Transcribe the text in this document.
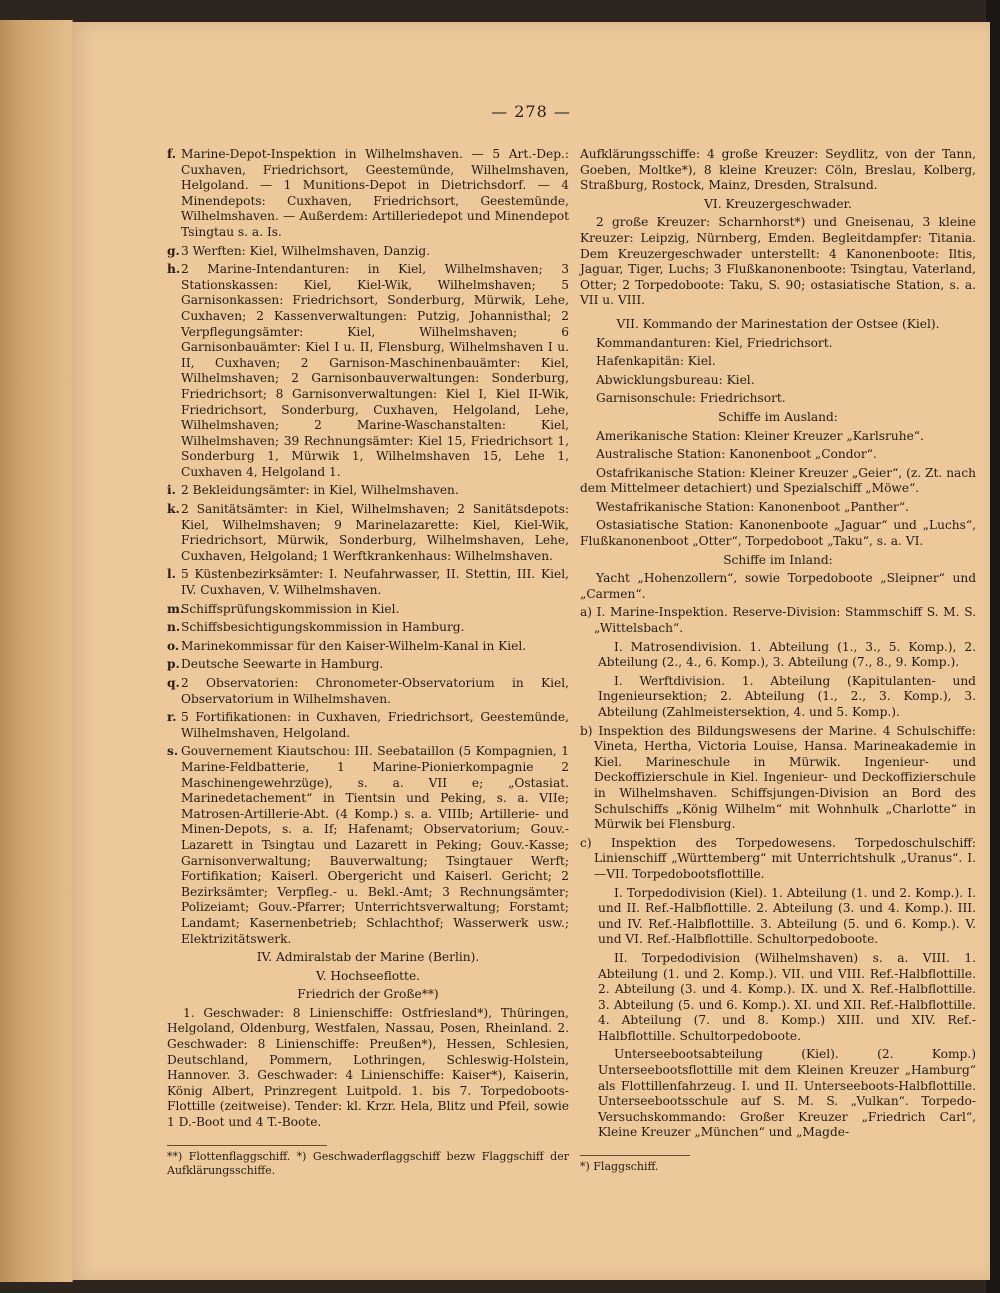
— 278 —
f. Marine-Depot-Inspektion in Wilhelmshaven. — 5 Art.-Dep.: Cuxhaven, Friedrichsort, Geestemünde, Wilhelmshaven, Helgoland. — 1 Munitions-Depot in Dietrichsdorf. — 4 Minendepots: Cuxhaven, Friedrichsort, Geestemünde, Wilhelmshaven. — Außerdem: Artilleriedepot und Minendepot Tsingtau s. a. Is.
g. 3 Werften: Kiel, Wilhelmshaven, Danzig.
h. 2 Marine-Intendanturen: in Kiel, Wilhelmshaven; 3 Stationskassen: Kiel, Kiel-Wik, Wilhelmshaven; 5 Garnisonkassen: Friedrichsort, Sonderburg, Mürwik, Lehe, Cuxhaven; 2 Kassenverwaltungen: Putzig, Johannisthal; 2 Verpflegungsämter: Kiel, Wilhelmshaven; 6 Garnisonbauämter: Kiel I u. II, Flensburg, Wilhelmshaven I u. II, Cuxhaven; 2 Garnison-Maschinenbauämter: Kiel, Wilhelmshaven; 2 Garnisonbauverwaltungen: Sonderburg, Friedrichsort; 8 Garnisonverwaltungen: Kiel I, Kiel II-Wik, Friedrichsort, Sonderburg, Cuxhaven, Helgoland, Lehe, Wilhelmshaven; 2 Marine-Waschanstalten: Kiel, Wilhelmshaven; 39 Rechnungsämter: Kiel 15, Friedrichsort 1, Sonderburg 1, Mürwik 1, Wilhelmshaven 15, Lehe 1, Cuxhaven 4, Helgoland 1.
i. 2 Bekleidungsämter: in Kiel, Wilhelmshaven.
k. 2 Sanitätsämter: in Kiel, Wilhelmshaven; 2 Sanitätsdepots: Kiel, Wilhelmshaven; 9 Marinelazarette: Kiel, Kiel-Wik, Friedrichsort, Mürwik, Sonderburg, Wilhelmshaven, Lehe, Cuxhaven, Helgoland; 1 Werftkrankenhaus: Wilhelmshaven.
l. 5 Küstenbezirksämter: I. Neufahrwasser, II. Stettin, III. Kiel, IV. Cuxhaven, V. Wilhelmshaven.
m.
Schiffsprüfungskommission in Kiel.
n. Schiffsbesichtigungskommission in Hamburg.
o. Marinekommissar für den Kaiser-Wilhelm-Kanal in Kiel.
p. Deutsche Seewarte in Hamburg.
q. 2 Observatorien: Chronometer-Observatorium in Kiel, Observatorium in Wilhelmshaven.
r. 5 Fortifikationen: in Cuxhaven, Friedrichsort, Geestemünde, Wilhelmshaven, Helgoland.
s. Gouvernement Kiautschou: III. Seebataillon (5 Kompagnien, 1 Marine-Feldbatterie, 1 Marine-Pionierkompagnie 2 Maschinengewehrzüge), s. a. VII e; „Ostasiat. Marinedetachement“ in Tientsin und Peking, s. a. VIIe; Matrosen-Artillerie-Abt. (4 Komp.) s. a. VIIIb; Artillerie- und Minen-Depots, s. a. If; Hafenamt; Observatorium; Gouv.-Lazarett in Tsingtau und Lazarett in Peking; Gouv.-Kasse; Garnisonverwaltung; Bauverwaltung; Tsingtauer Werft; Fortifikation; Kaiserl. Obergericht und Kaiserl. Gericht; 2 Bezirksämter; Verpfleg.- u. Bekl.-Amt; 3 Rechnungsämter; Polizeiamt; Gouv.-Pfarrer; Unterrichtsverwaltung; Forstamt; Landamt; Kasernenbetrieb; Schlachthof; Wasserwerk usw.; Elektrizitätswerk.

IV. Admiralstab der Marine (Berlin).

V. Hochseeflotte.

Friedrich der Große**)

1. Geschwader: 8 Linienschiffe: Ostfriesland*), Thüringen, Helgoland, Oldenburg, Westfalen, Nassau, Posen, Rheinland. 2. Geschwader: 8 Linienschiffe: Preußen*), Hessen, Schlesien, Deutschland, Pommern, Lothringen, Schleswig-Holstein, Hannover. 3. Geschwader: 4 Linienschiffe: Kaiser*), Kaiserin, König Albert, Prinzregent Luitpold. 1. bis 7. Torpedoboots-Flottille (zeitweise). Tender: kl. Krzr. Hela, Blitz und Pfeil, sowie 1 D.-Boot und 4 T.-Boote.

**) Flottenflaggschiff. *) Geschwaderflaggschiff bezw Flaggschiff der Aufklärungsschiffe.

Aufklärungsschiffe: 4 große Kreuzer: Seydlitz, von der Tann, Goeben, Moltke*), 8 kleine Kreuzer: Cöln, Breslau, Kolberg, Straßburg, Rostock, Mainz, Dresden, Stralsund.

VI. Kreuzergeschwader.

2 große Kreuzer: Scharnhorst*) und Gneisenau, 3 kleine Kreuzer: Leipzig, Nürnberg, Emden. Begleitdampfer: Titania. Dem Kreuzergeschwader unterstellt: 4 Kanonenboote: Iltis, Jaguar, Tiger, Luchs; 3 Flußkanonenboote: Tsingtau, Vaterland, Otter; 2 Torpedoboote: Taku, S. 90; ostasiatische Station, s. a. VII u. VIII.

VII. Kommando der Marinestation der Ostsee (Kiel).

Kommandanturen: Kiel, Friedrichsort.

Hafenkapitän: Kiel.

Abwicklungsbureau: Kiel.

Garnisonschule: Friedrichsort.

Schiffe im Ausland:

Amerikanische Station: Kleiner Kreuzer „Karlsruhe“.

Australische Station: Kanonenboot „Condor“.

Ostafrikanische Station: Kleiner Kreuzer „Geier“, (z. Zt. nach dem Mittelmeer detachiert) und Spezialschiff „Möwe“.

Westafrikanische Station: Kanonenboot „Panther“.

Ostasiatische Station: Kanonenboote „Jaguar“ und „Luchs“, Flußkanonenboot „Otter“, Torpedoboot „Taku“, s. a. VI.

Schiffe im Inland:

Yacht „Hohenzollern“, sowie Torpedoboote „Sleipner“ und „Carmen“.

a) I. Marine-Inspektion. Reserve-Division: Stammschiff S. M. S. „Wittelsbach“.

I. Matrosendivision. 1. Abteilung (1., 3., 5. Komp.), 2. Abteilung (2., 4., 6. Komp.), 3. Abteilung (7., 8., 9. Komp.).

I. Werftdivision. 1. Abteilung (Kapitulanten- und Ingenieursektion; 2. Abteilung (1., 2., 3. Komp.), 3. Abteilung (Zahlmeistersektion, 4. und 5. Komp.).

b) Inspektion des Bildungswesens der Marine. 4 Schulschiffe: Vineta, Hertha, Victoria Louise, Hansa. Marineakademie in Kiel. Marineschule in Mürwik. Ingenieur- und Deckoffizierschule in Kiel. Ingenieur- und Deckoffizierschule in Wilhelmshaven. Schiffsjungen-Division an Bord des Schulschiffs „König Wilhelm“ mit Wohnhulk „Charlotte“ in Mürwik bei Flensburg.

c) Inspektion des Torpedowesens. Torpedoschulschiff: Linienschiff „Württemberg“ mit Unterrichtshulk „Uranus“. I.—VII. Torpedobootsflottille.

I. Torpedodivision (Kiel). 1. Abteilung (1. und 2. Komp.). I. und II. Ref.-Halbflottille. 2. Abteilung (3. und 4. Komp.). III. und IV. Ref.-Halbflottille. 3. Abteilung (5. und 6. Komp.). V. und VI. Ref.-Halbflottille. Schultorpedoboote.

II. Torpedodivision (Wilhelmshaven) s. a. VIII. 1. Abteilung (1. und 2. Komp.). VII. und VIII. Ref.-Halbflottille. 2. Abteilung (3. und 4. Komp.). IX. und X. Ref.-Halbflottille. 3. Abteilung (5. und 6. Komp.). XI. und XII. Ref.-Halbflottille. 4. Abteilung (7. und 8. Komp.) XIII. und XIV. Ref.-Halbflottille. Schultorpedoboote.

Unterseebootsabteilung (Kiel). (2. Komp.) Unterseebootsflottille mit dem Kleinen Kreuzer „Hamburg“ als Flottillenfahrzeug. I. und II. Unterseeboots-Halbflottille. Unterseebootsschule auf S. M. S. „Vulkan“. Torpedo-Versuchskommando: Großer Kreuzer „Friedrich Carl“, Kleine Kreuzer „München“ und „Magde-

*) Flaggschiff.
